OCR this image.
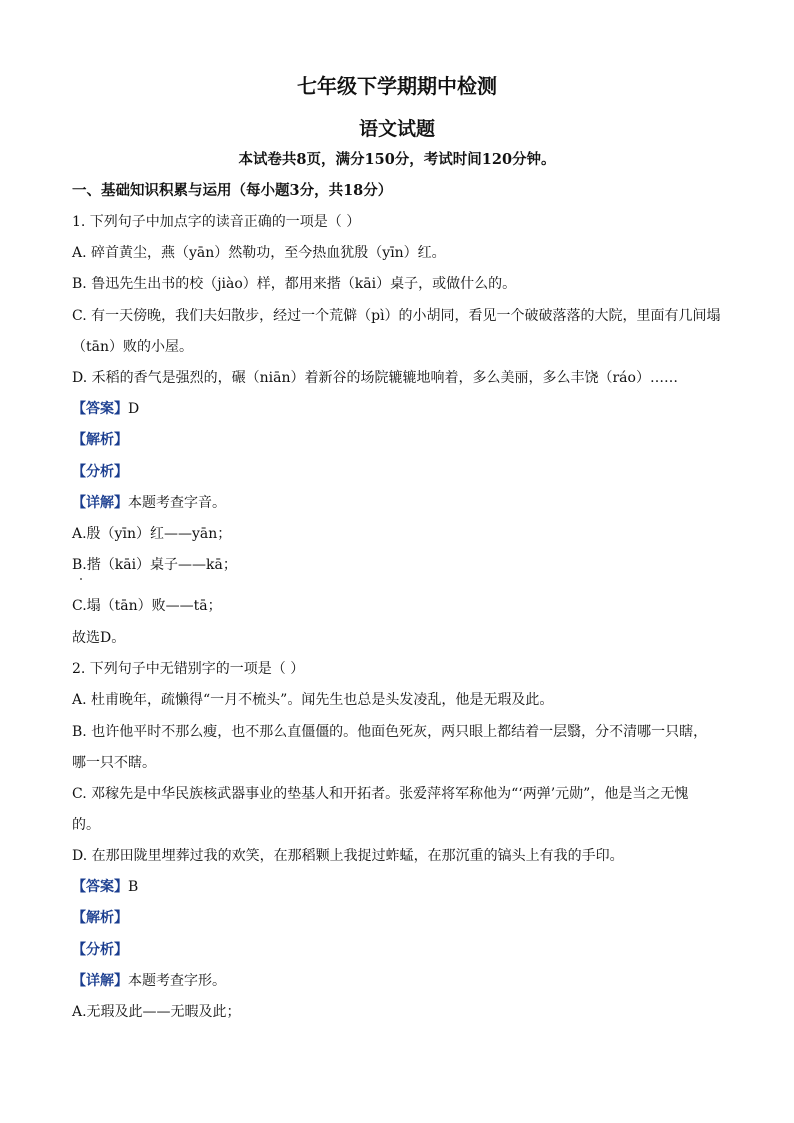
七年级下学期期中检测
语文试题
本试卷共8页，满分150分，考试时间120分钟。
一、基础知识积累与运用（每小题3分，共18分）
1. 下列句子中加点字的读音正确的一项是（ ）
A. 碎首黄尘，燕（yān）然勒功，至今热血犹殷（yīn）红。
B. 鲁迅先生出书的校（jiào）样，都用来揩（kāi）桌子，或做什么的。
C. 有一天傍晚，我们夫妇散步，经过一个荒僻（pì）的小胡同，看见一个破破落落的大院，里面有几间塌
（tān）败的小屋。
D. 禾稻的香气是强烈的，碾（niān）着新谷的场院辘辘地响着，多么美丽，多么丰饶（ráo）……
【答案】D
【解析】
【分析】
【详解】本题考查字音。
A.殷（yīn）红——yān；
B.揩（kāi）桌子——kā；
C.塌（tān）败——tā；
故选D。
2. 下列句子中无错别字的一项是（ ）
A. 杜甫晚年，疏懒得“一月不梳头”。闻先生也总是头发凌乱，他是无瑕及此。
B. 也许他平时不那么瘦，也不那么直僵僵的。他面色死灰，两只眼上都结着一层翳，分不清哪一只瞎，
哪一只不瞎。
C. 邓稼先是中华民族核武器事业的垫基人和开拓者。张爱萍将军称他为“‘两弹’元勋”，他是当之无愧
的。
D. 在那田陇里埋葬过我的欢笑，在那稻颗上我捉过蚱蜢，在那沉重的镐头上有我的手印。
【答案】B
【解析】
【分析】
【详解】本题考查字形。
A.无瑕及此——无暇及此；
